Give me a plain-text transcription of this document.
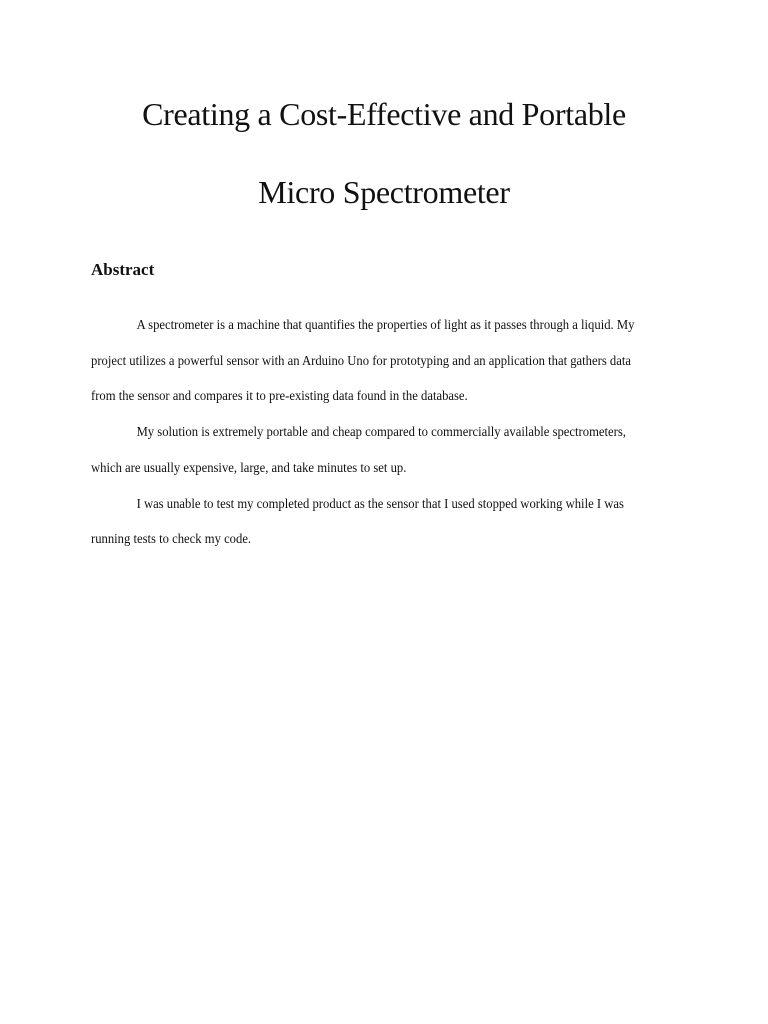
Creating a Cost-Effective and Portable
Micro Spectrometer
Abstract

A spectrometer is a machine that quantifies the properties of light as it passes through a liquid. My project utilizes a powerful sensor with an Arduino Uno for prototyping and an application that gathers data from the sensor and compares it to pre-existing data found in the database.

My solution is extremely portable and cheap compared to commercially available spectrometers, which are usually expensive, large, and take minutes to set up.

I was unable to test my completed product as the sensor that I used stopped working while I was running tests to check my code.
